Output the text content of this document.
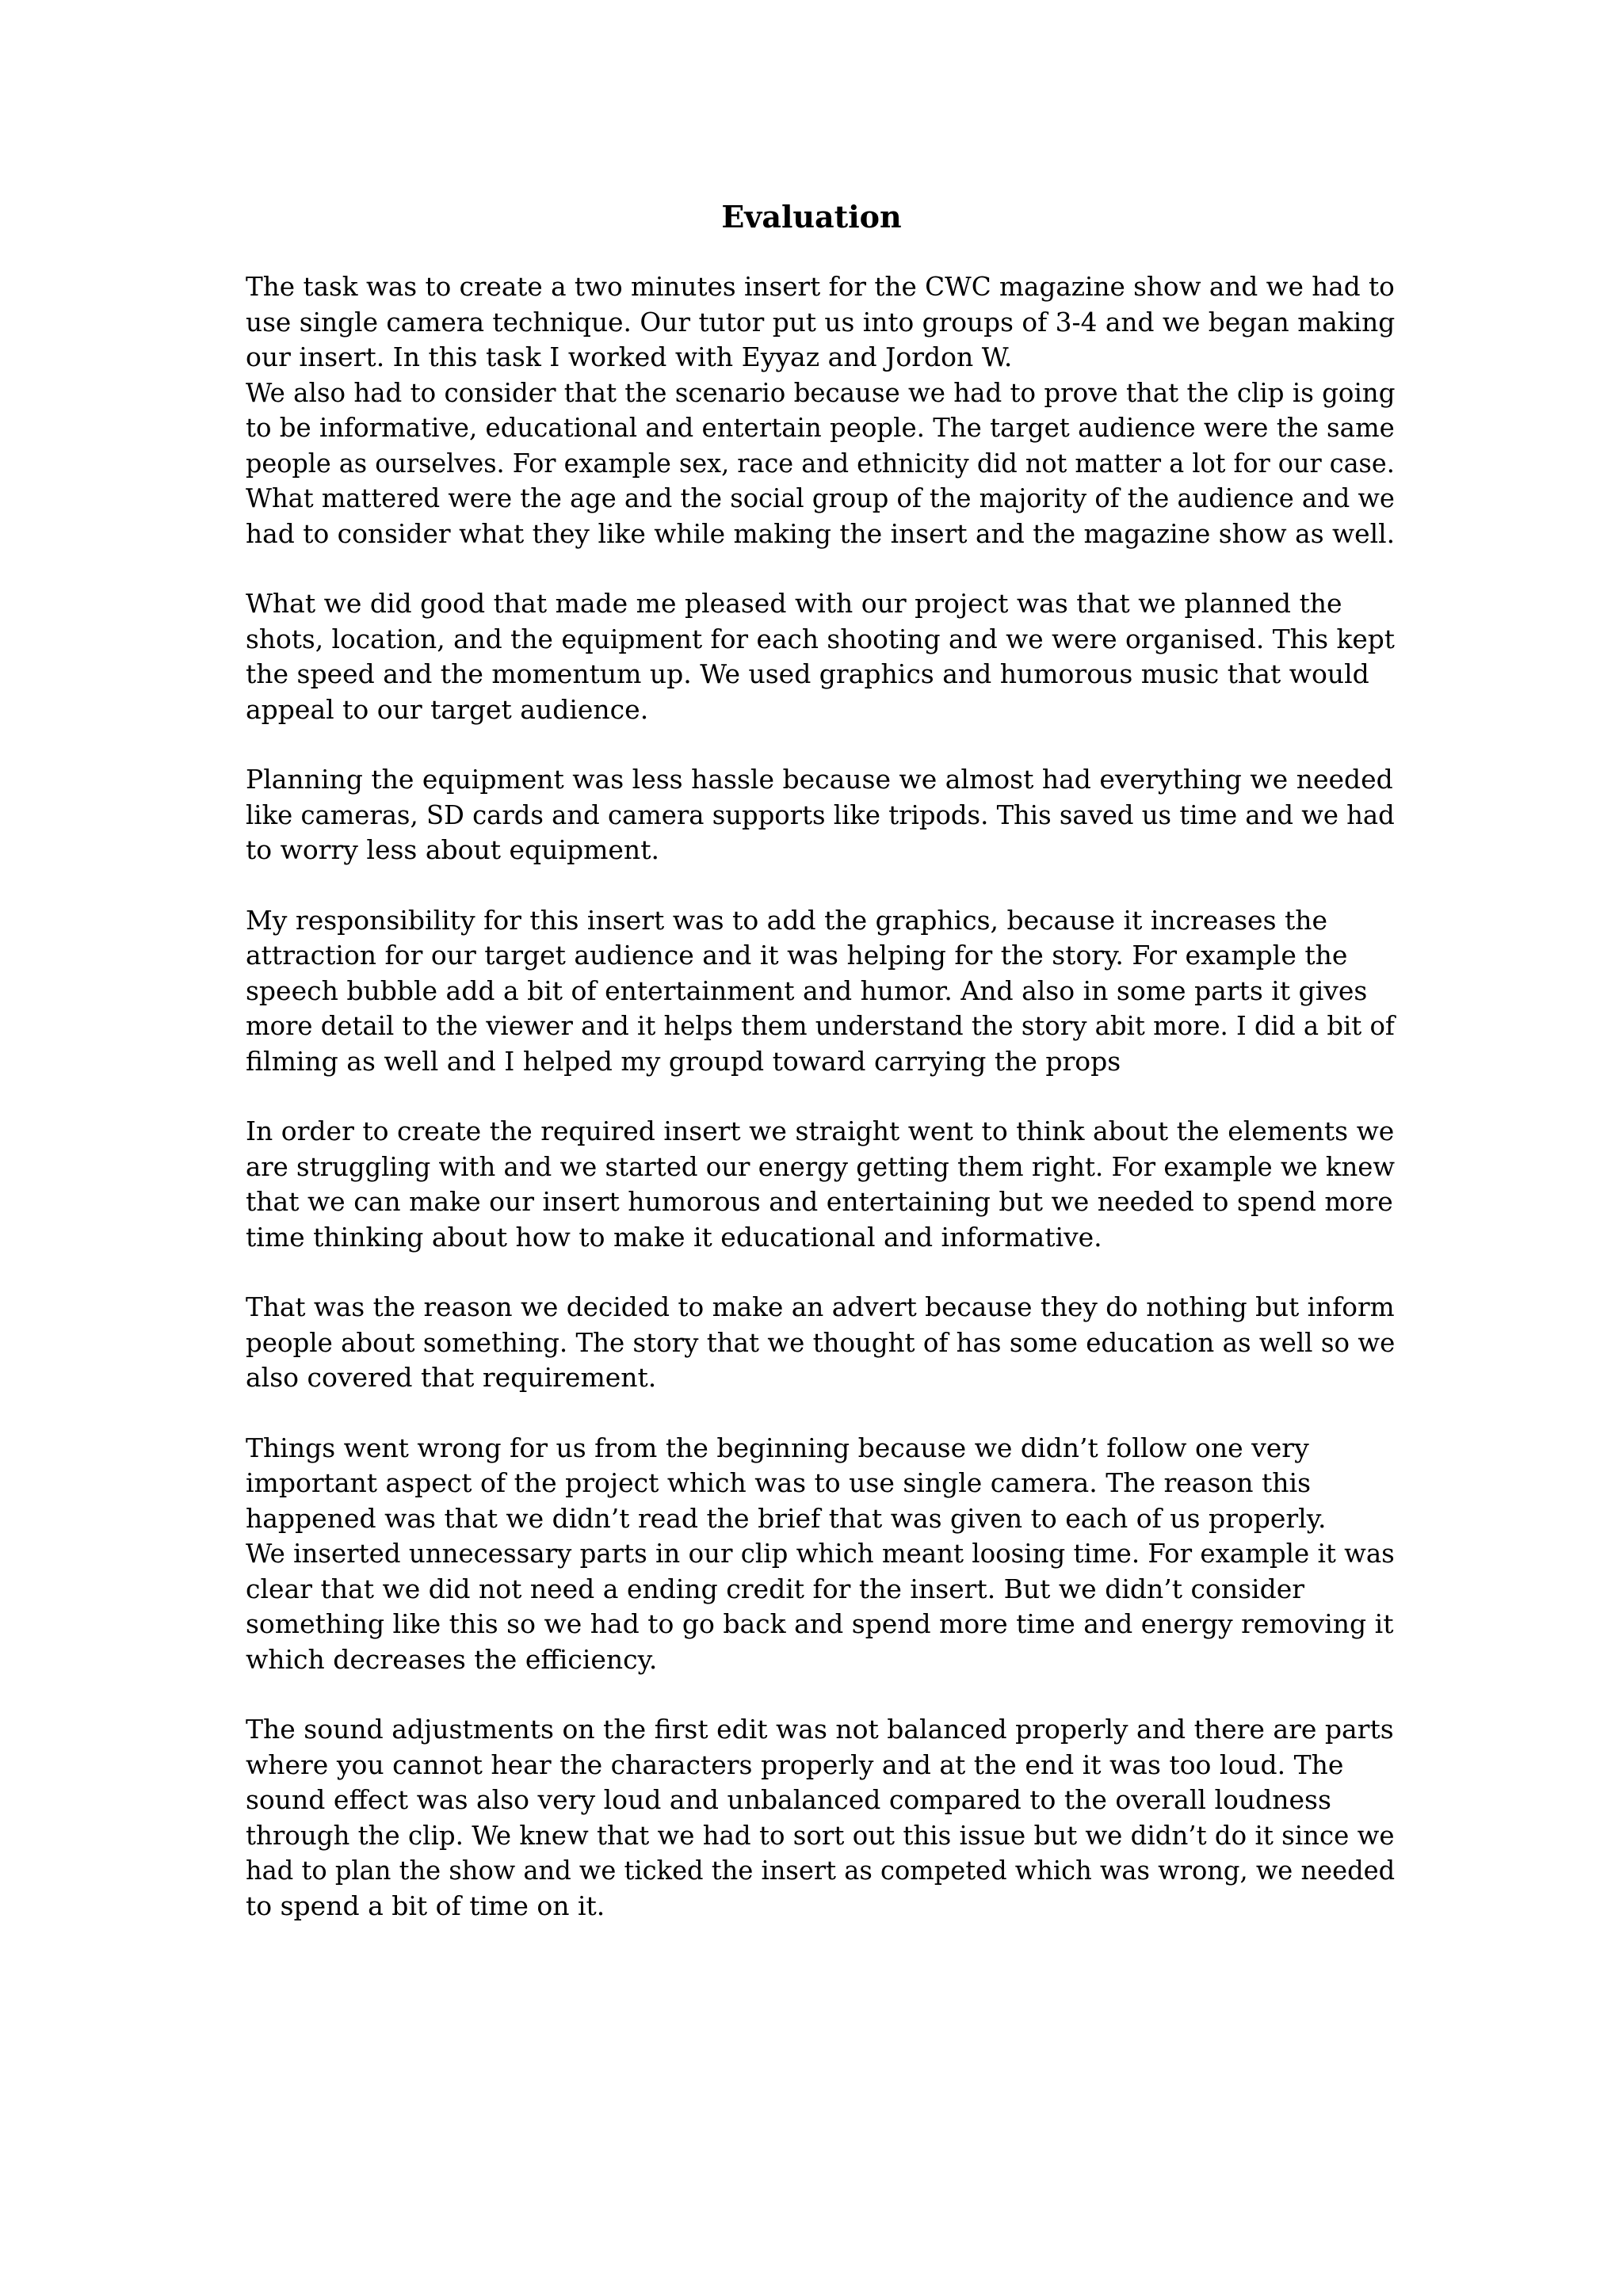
Evaluation
The task was to create a two minutes insert for the CWC magazine show and we had to
use single camera technique. Our tutor put us into groups of 3-4 and we began making
our insert. In this task I worked with Eyyaz and Jordon W.
We also had to consider that the scenario because we had to prove that the clip is going
to be informative, educational and entertain people. The target audience were the same
people as ourselves. For example sex, race and ethnicity did not matter a lot for our case.
What mattered were the age and the social group of the majority of the audience and we
had to consider what they like while making the insert and the magazine show as well.
What we did good that made me pleased with our project was that we planned the
shots, location, and the equipment for each shooting and we were organised. This kept
the speed and the momentum up. We used graphics and humorous music that would
appeal to our target audience.
Planning the equipment was less hassle because we almost had everything we needed
like cameras, SD cards and camera supports like tripods. This saved us time and we had
to worry less about equipment.
My responsibility for this insert was to add the graphics, because it increases the
attraction for our target audience and it was helping for the story. For example the
speech bubble add a bit of entertainment and humor. And also in some parts it gives
more detail to the viewer and it helps them understand the story abit more. I did a bit of
filming as well and I helped my groupd toward carrying the props
In order to create the required insert we straight went to think about the elements we
are struggling with and we started our energy getting them right. For example we knew
that we can make our insert humorous and entertaining but we needed to spend more
time thinking about how to make it educational and informative.
That was the reason we decided to make an advert because they do nothing but inform
people about something. The story that we thought of has some education as well so we
also covered that requirement.
Things went wrong for us from the beginning because we didn’t follow one very
important aspect of the project which was to use single camera. The reason this
happened was that we didn’t read the brief that was given to each of us properly.
We inserted unnecessary parts in our clip which meant loosing time. For example it was
clear that we did not need a ending credit for the insert. But we didn’t consider
something like this so we had to go back and spend more time and energy removing it
which decreases the efficiency.
The sound adjustments on the first edit was not balanced properly and there are parts
where you cannot hear the characters properly and at the end it was too loud. The
sound effect was also very loud and unbalanced compared to the overall loudness
through the clip. We knew that we had to sort out this issue but we didn’t do it since we
had to plan the show and we ticked the insert as competed which was wrong, we needed
to spend a bit of time on it.
